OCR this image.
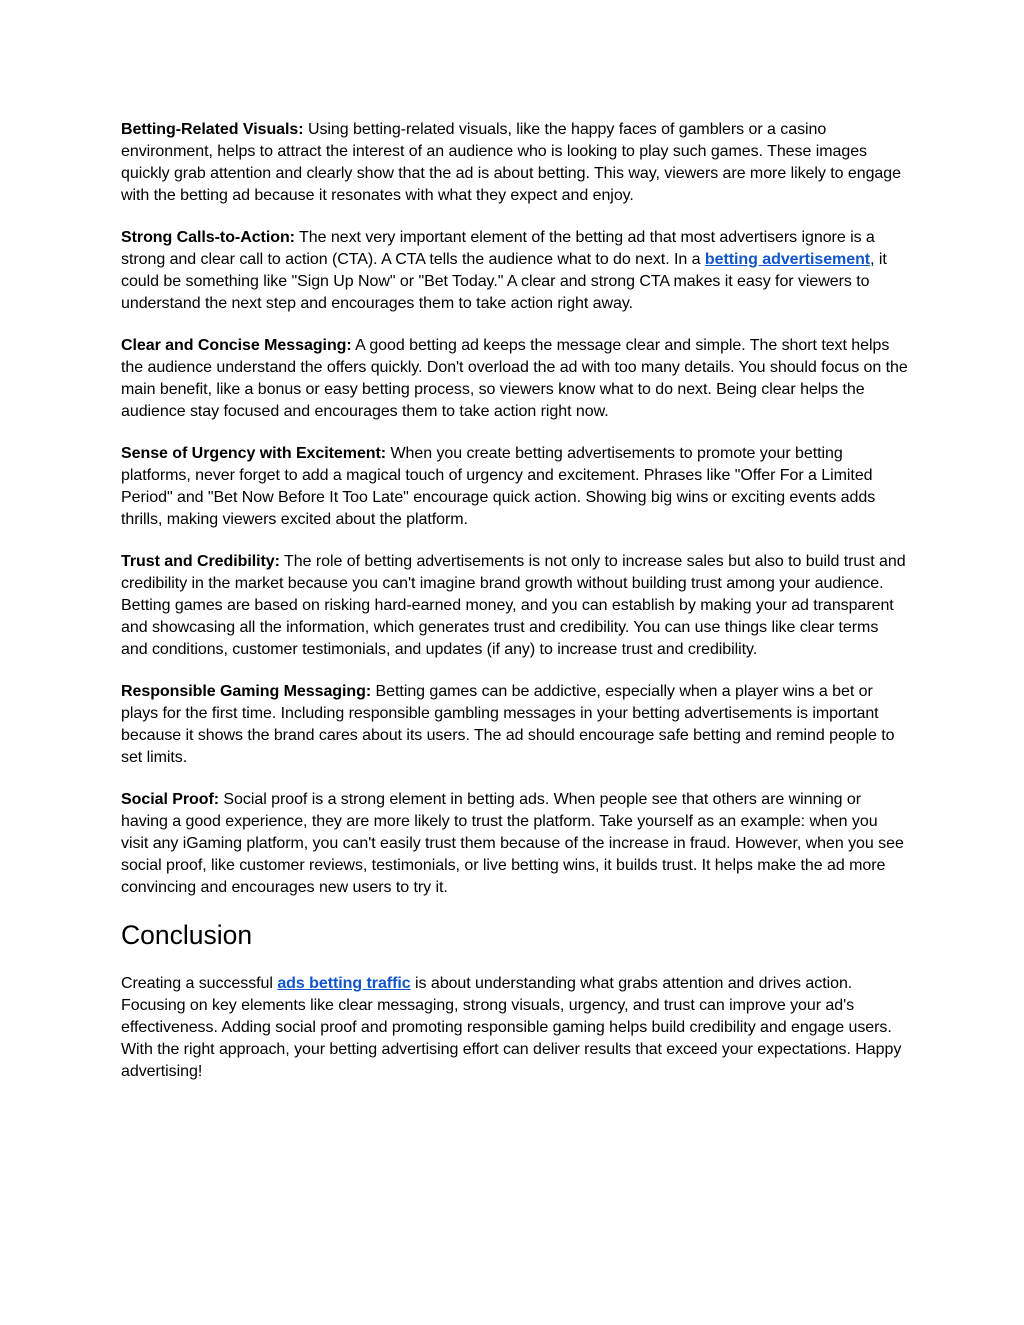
Betting-Related Visuals: Using betting-related visuals, like the happy faces of gamblers or a casino environment, helps to attract the interest of an audience who is looking to play such games. These images quickly grab attention and clearly show that the ad is about betting. This way, viewers are more likely to engage with the betting ad because it resonates with what they expect and enjoy.

Strong Calls-to-Action: The next very important element of the betting ad that most advertisers ignore is a strong and clear call to action (CTA). A CTA tells the audience what to do next. In a betting advertisement, it could be something like "Sign Up Now" or "Bet Today." A clear and strong CTA makes it easy for viewers to understand the next step and encourages them to take action right away.

Clear and Concise Messaging: A good betting ad keeps the message clear and simple. The short text helps the audience understand the offers quickly. Don't overload the ad with too many details. You should focus on the main benefit, like a bonus or easy betting process, so viewers know what to do next. Being clear helps the audience stay focused and encourages them to take action right now.

Sense of Urgency with Excitement: When you create betting advertisements to promote your betting platforms, never forget to add a magical touch of urgency and excitement. Phrases like "Offer For a Limited Period" and "Bet Now Before It Too Late" encourage quick action. Showing big wins or exciting events adds thrills, making viewers excited about the platform.

Trust and Credibility: The role of betting advertisements is not only to increase sales but also to build trust and credibility in the market because you can't imagine brand growth without building trust among your audience. Betting games are based on risking hard-earned money, and you can establish by making your ad transparent and showcasing all the information, which generates trust and credibility. You can use things like clear terms and conditions, customer testimonials, and updates (if any) to increase trust and credibility.

Responsible Gaming Messaging: Betting games can be addictive, especially when a player wins a bet or plays for the first time. Including responsible gambling messages in your betting advertisements is important because it shows the brand cares about its users. The ad should encourage safe betting and remind people to set limits.

Social Proof: Social proof is a strong element in betting ads. When people see that others are winning or having a good experience, they are more likely to trust the platform. Take yourself as an example: when you visit any iGaming platform, you can't easily trust them because of the increase in fraud. However, when you see social proof, like customer reviews, testimonials, or live betting wins, it builds trust. It helps make the ad more convincing and encourages new users to try it.

Conclusion

Creating a successful ads betting traffic is about understanding what grabs attention and drives action. Focusing on key elements like clear messaging, strong visuals, urgency, and trust can improve your ad's effectiveness. Adding social proof and promoting responsible gaming helps build credibility and engage users. With the right approach, your betting advertising effort can deliver results that exceed your expectations. Happy advertising!
